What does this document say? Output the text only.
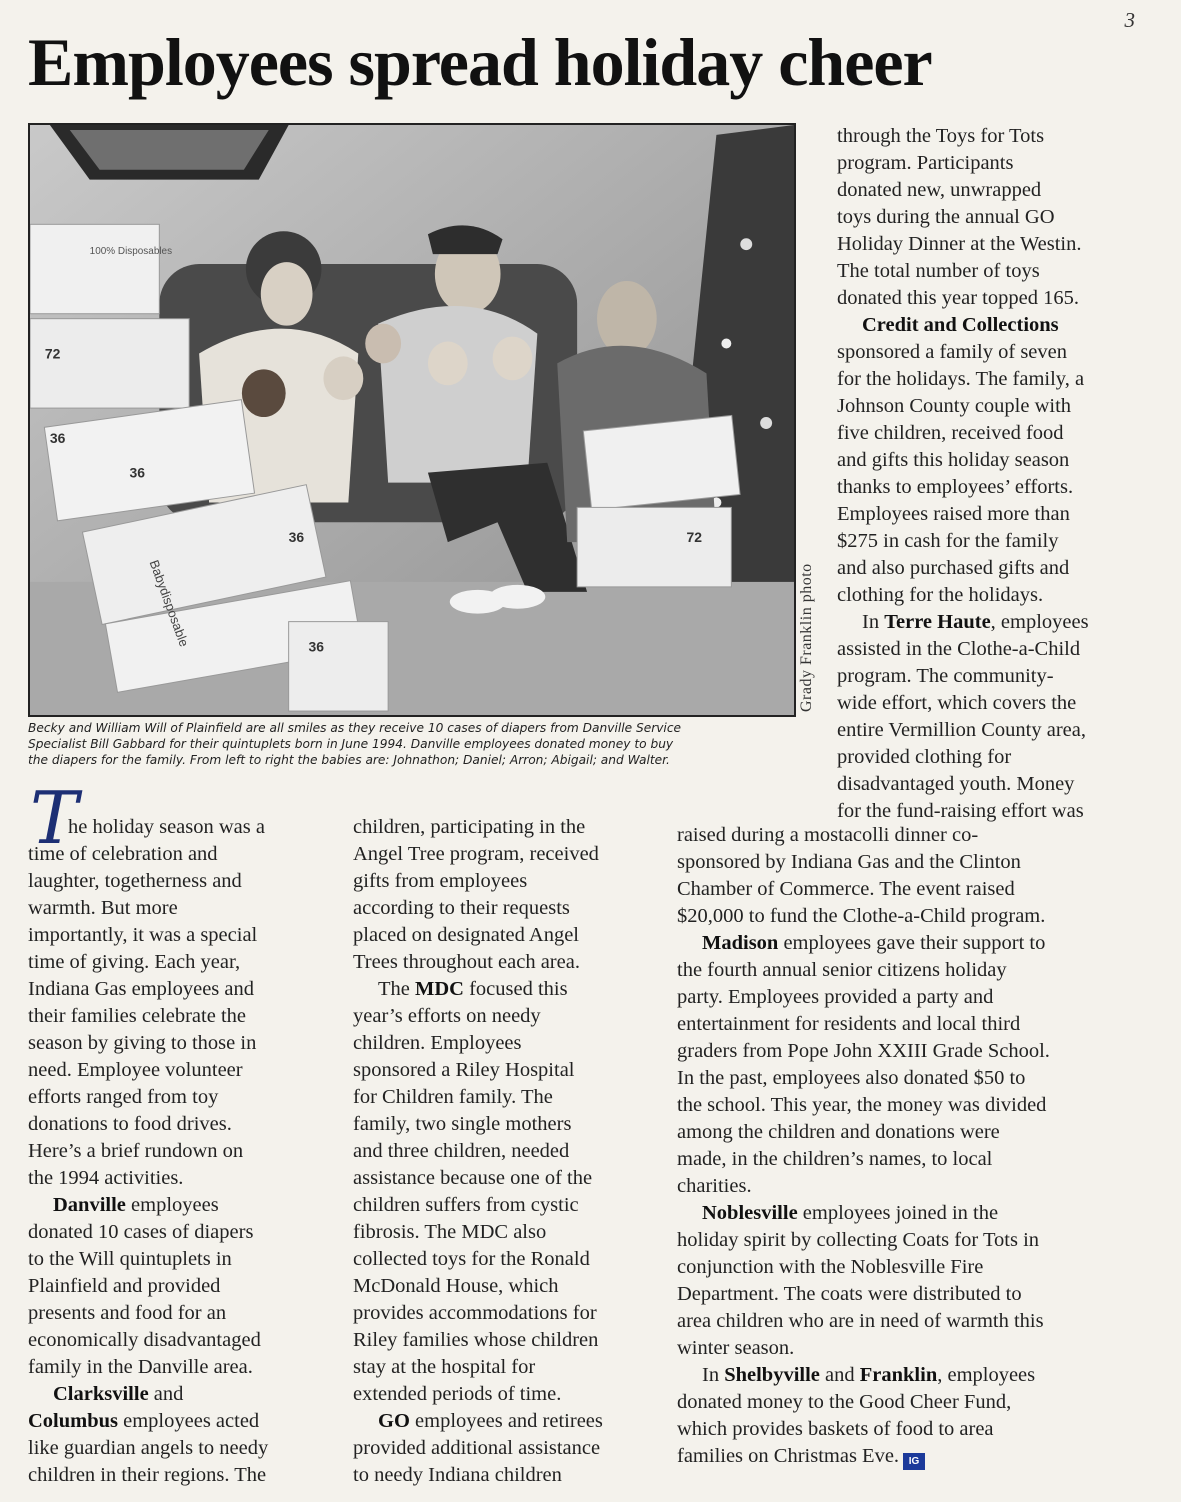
3
Employees spread holiday cheer
100% Disposables
72
36
36
36
36
Babydisposable
72
Grady Franklin photo
Becky and William Will of Plainfield are all smiles as they receive 10 cases of diapers from Danville Service
Specialist Bill Gabbard for their quintuplets born in June 1994. Danville employees donated money to buy
the diapers for the family. From left to right the babies are: Johnathon; Daniel; Arron; Abigail; and Walter.
T
he holiday season was a
time of celebration and
laughter, togetherness and
warmth. But more
importantly, it was a special
time of giving. Each year,
Indiana Gas employees and
their families celebrate the
season by giving to those in
need. Employee volunteer
efforts ranged from toy
donations to food drives.
Here’s a brief rundown on
the 1994 activities.
Danville employees
donated 10 cases of diapers
to the Will quintuplets in
Plainfield and provided
presents and food for an
economically disadvantaged
family in the Danville area.
Clarksville and
Columbus employees acted
like guardian angels to needy
children in their regions. The
children, participating in the
Angel Tree program, received
gifts from employees
according to their requests
placed on designated Angel
Trees throughout each area.
The MDC focused this
year’s efforts on needy
children. Employees
sponsored a Riley Hospital
for Children family. The
family, two single mothers
and three children, needed
assistance because one of the
children suffers from cystic
fibrosis. The MDC also
collected toys for the Ronald
McDonald House, which
provides accommodations for
Riley families whose children
stay at the hospital for
extended periods of time.
GO employees and retirees
provided additional assistance
to needy Indiana children
through the Toys for Tots
program. Participants
donated new, unwrapped
toys during the annual GO
Holiday Dinner at the Westin.
The total number of toys
donated this year topped 165.
Credit and Collections
sponsored a family of seven
for the holidays. The family, a
Johnson County couple with
five children, received food
and gifts this holiday season
thanks to employees’ efforts.
Employees raised more than
$275 in cash for the family
and also purchased gifts and
clothing for the holidays.
In Terre Haute, employees
assisted in the Clothe-a-Child
program. The community-
wide effort, which covers the
entire Vermillion County area,
provided clothing for
disadvantaged youth. Money
for the fund-raising effort was
raised during a mostacolli dinner co-
sponsored by Indiana Gas and the Clinton
Chamber of Commerce. The event raised
$20,000 to fund the Clothe-a-Child program.
Madison employees gave their support to
the fourth annual senior citizens holiday
party. Employees provided a party and
entertainment for residents and local third
graders from Pope John XXIII Grade School.
In the past, employees also donated $50 to
the school. This year, the money was divided
among the children and donations were
made, in the children’s names, to local
charities.
Noblesville employees joined in the
holiday spirit by collecting Coats for Tots in
conjunction with the Noblesville Fire
Department. The coats were distributed to
area children who are in need of warmth this
winter season.
In Shelbyville and Franklin, employees
donated money to the Good Cheer Fund,
which provides baskets of food to area
families on Christmas Eve. IG
